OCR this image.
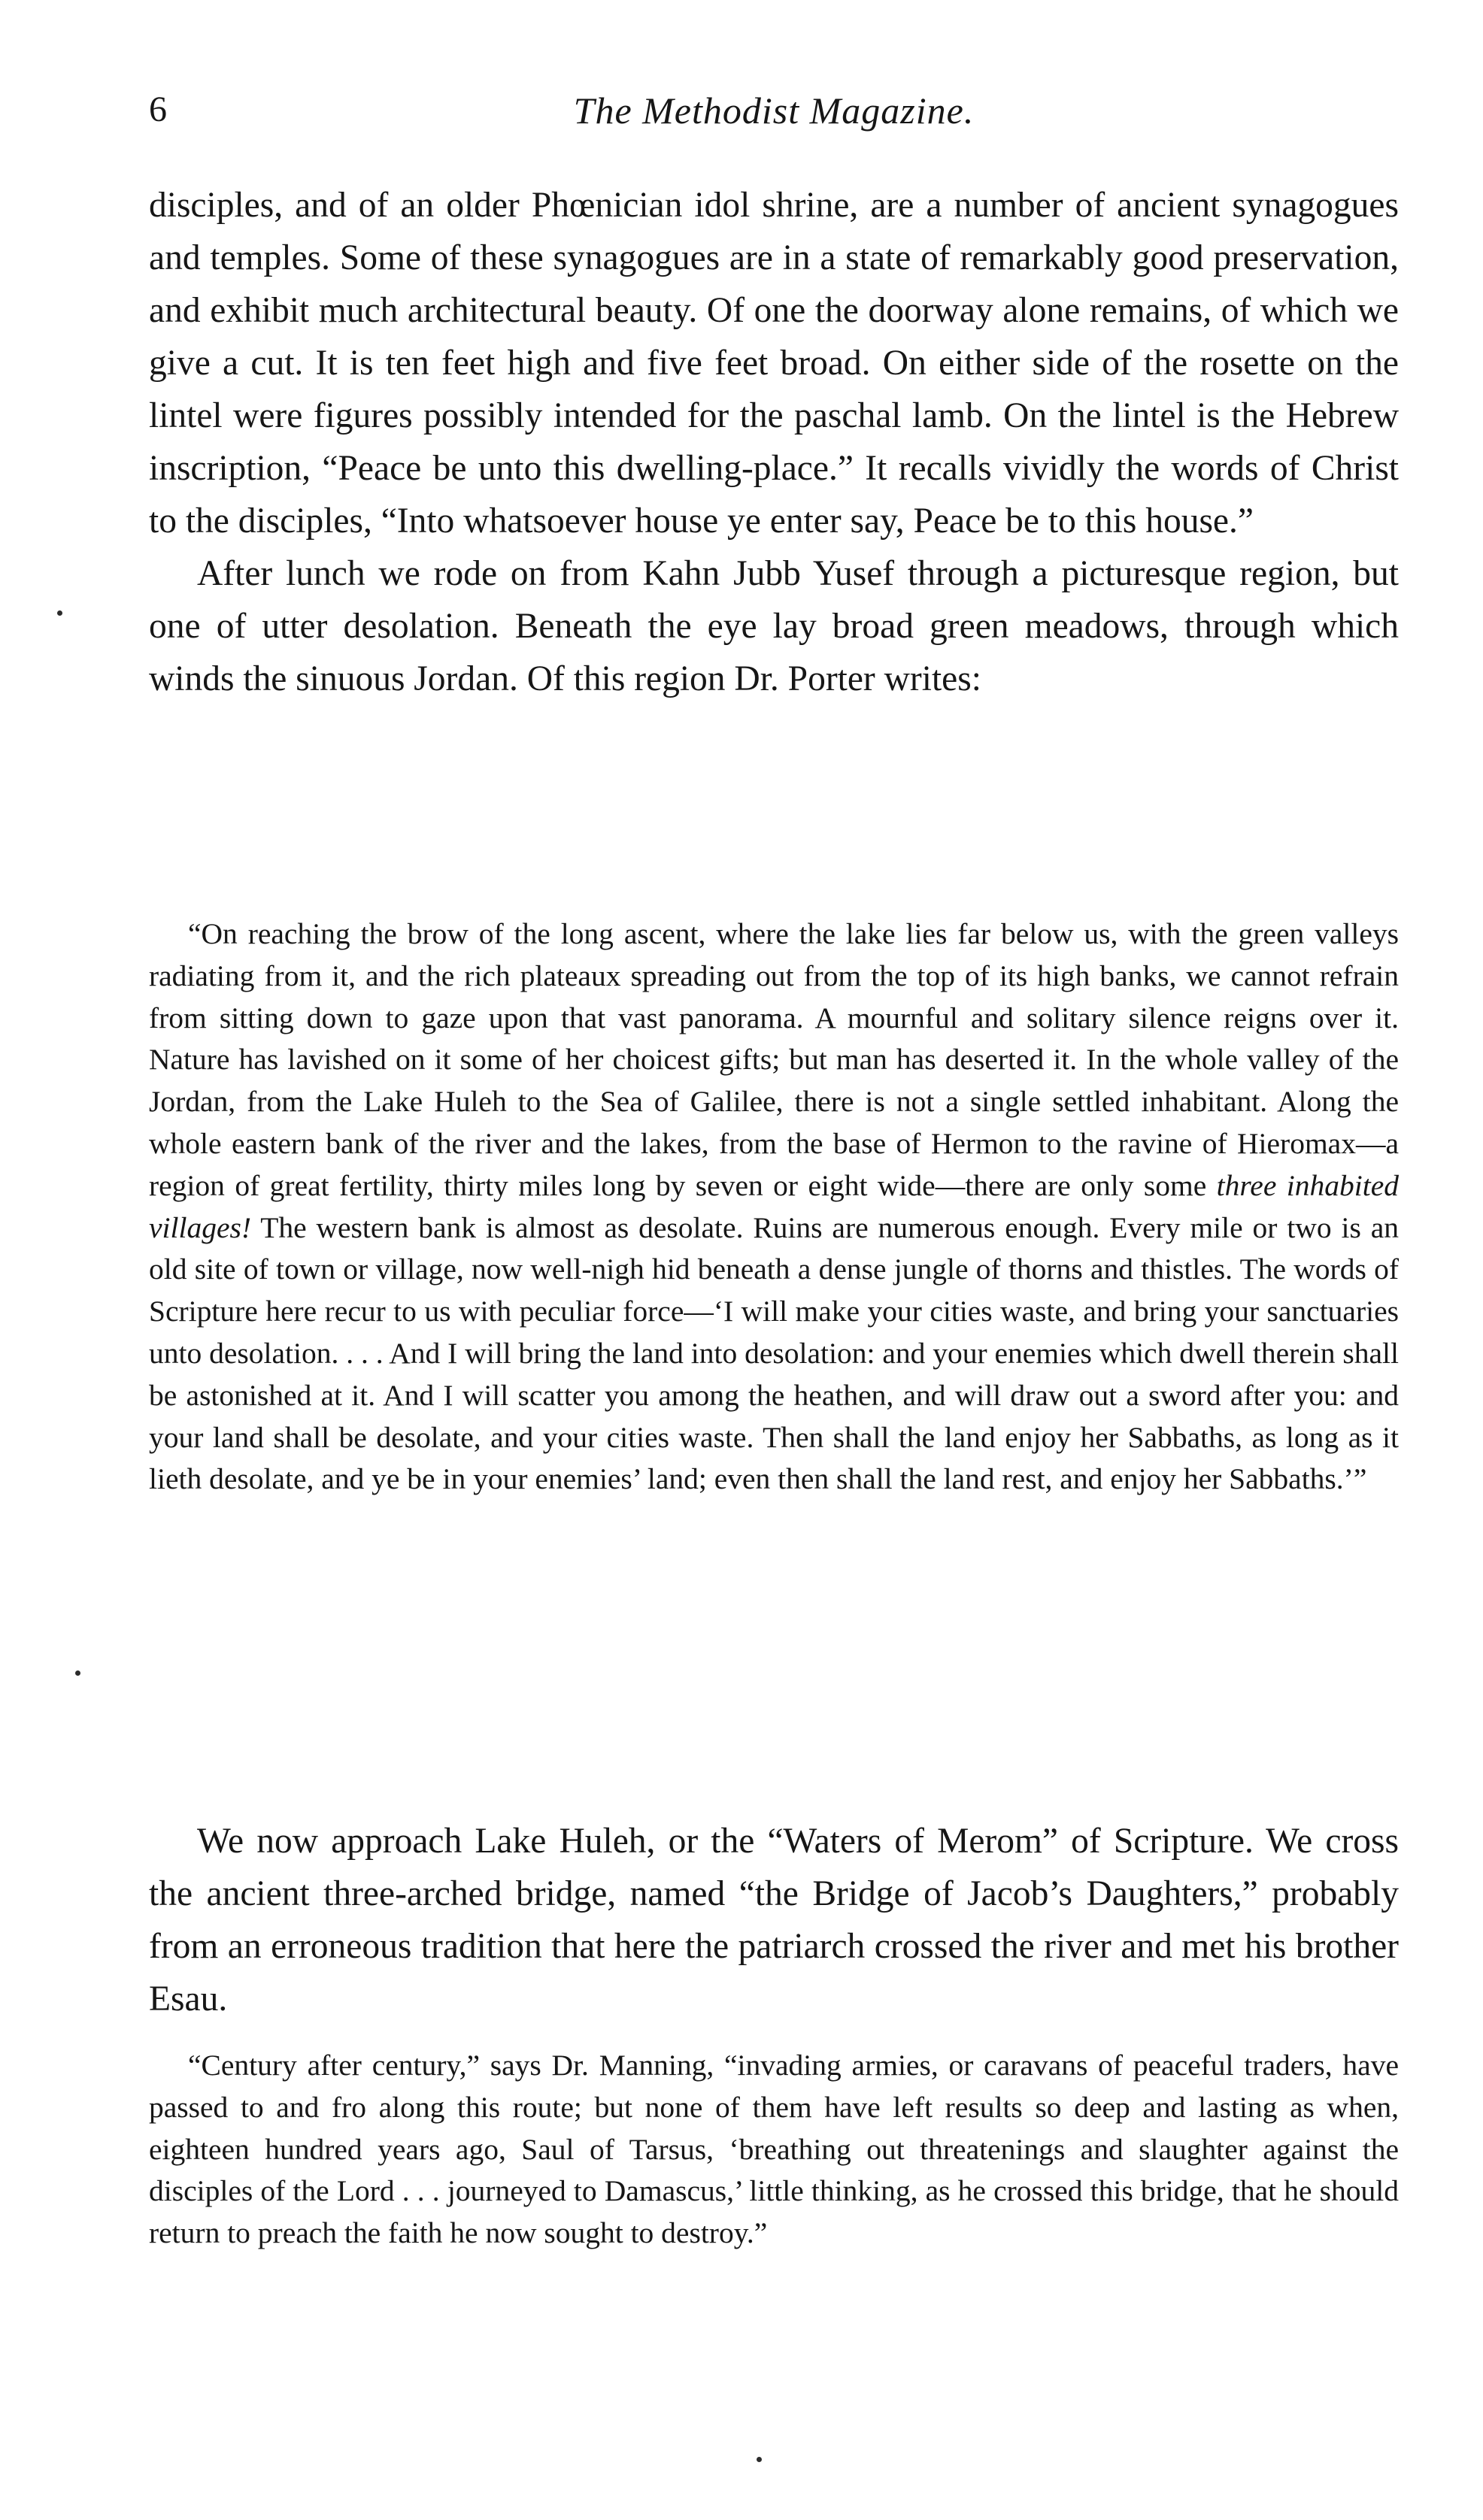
6	The Methodist Magazine.

disciples, and of an older Phœnician idol shrine, are a number of ancient synagogues and temples. Some of these synagogues are in a state of remarkably good preservation, and exhibit much architectural beauty. Of one the doorway alone remains, of which we give a cut. It is ten feet high and five feet broad. On either side of the rosette on the lintel were figures possibly intended for the paschal lamb. On the lintel is the Hebrew inscription, “Peace be unto this dwelling-place.” It recalls vividly the words of Christ to the disciples, “Into whatsoever house ye enter say, Peace be to this house.”

After lunch we rode on from Kahn Jubb Yusef through a picturesque region, but one of utter desolation. Beneath the eye lay broad green meadows, through which winds the sinuous Jordan. Of this region Dr. Porter writes:

“On reaching the brow of the long ascent, where the lake lies far below us, with the green valleys radiating from it, and the rich plateaux spreading out from the top of its high banks, we cannot refrain from sitting down to gaze upon that vast panorama. A mournful and solitary silence reigns over it. Nature has lavished on it some of her choicest gifts; but man has deserted it. In the whole valley of the Jordan, from the Lake Huleh to the Sea of Galilee, there is not a single settled inhabitant. Along the whole eastern bank of the river and the lakes, from the base of Hermon to the ravine of Hieromax—a region of great fertility, thirty miles long by seven or eight wide—there are only some three inhabited villages! The western bank is almost as desolate. Ruins are numerous enough. Every mile or two is an old site of town or village, now well-nigh hid beneath a dense jungle of thorns and thistles. The words of Scripture here recur to us with peculiar force—‘I will make your cities waste, and bring your sanctuaries unto desolation. . . . And I will bring the land into desolation: and your enemies which dwell therein shall be astonished at it. And I will scatter you among the heathen, and will draw out a sword after you: and your land shall be desolate, and your cities waste. Then shall the land enjoy her Sabbaths, as long as it lieth desolate, and ye be in your enemies’ land; even then shall the land rest, and enjoy her Sabbaths.’”

We now approach Lake Huleh, or the “Waters of Merom” of Scripture. We cross the ancient three-arched bridge, named “the Bridge of Jacob’s Daughters,” probably from an erroneous tradition that here the patriarch crossed the river and met his brother Esau.

“Century after century,” says Dr. Manning, “invading armies, or caravans of peaceful traders, have passed to and fro along this route; but none of them have left results so deep and lasting as when, eighteen hundred years ago, Saul of Tarsus, ‘breathing out threatenings and slaughter against the disciples of the Lord . . . journeyed to Damascus,’ little thinking, as he crossed this bridge, that he should return to preach the faith he now sought to destroy.”
